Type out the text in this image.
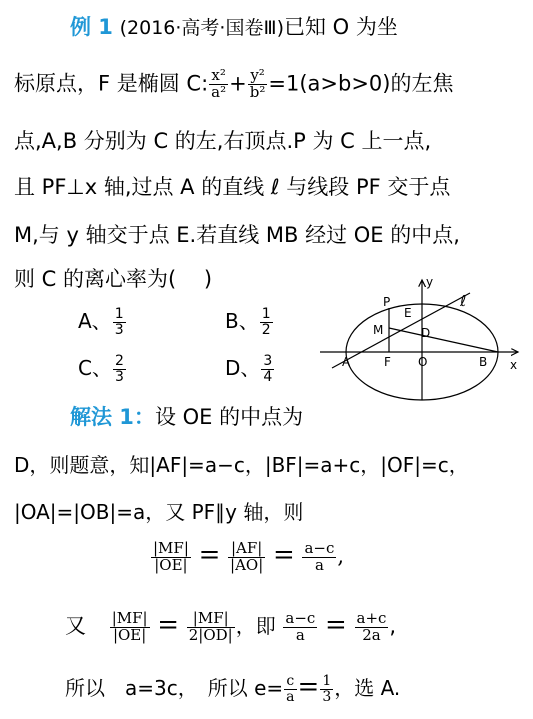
例 1 (2016·高考·国卷Ⅲ)已知 O 为坐
标原点，F 是椭圆 C: $\frac{\text{x²}}{\text{a²}} + \frac{\text{y²}}{\text{b²}} =1(a>b>0)$的左焦
点,A,B 分别为 C 的左,右顶点.P 为 C 上一点,
且 PF⊥x 轴,过点 A 的直线 ℓ 与线段 PF 交于点
M,与 y 轴交于点 E.若直线 MB 经过 OE 的中点,
则 C 的离心率为(　 )
A、 $\frac{1}{3}$	B、 $\frac{1}{2}$
C、 $\frac{2}{3}$	D、 $\frac{3}{4}$
y
x
ℓ
P
E
M	D
A	F O	B
解法 1：设 OE 的中点为
D，则题意，知|AF|=a−c，|BF|=a+c，|OF|=c，
|OA|=|OB|=a，又 PF∥y 轴，则
$\frac{|MF|}{|OE|} = \frac{|AF|}{|AO|} = \frac{a-c}{a}$ ,
又 $\frac{|MF|}{|OE|} = \frac{|MF|}{2|OD|}$ ，即 $\frac{a-c}{a} = \frac{a+c}{2a}$ ,
所以　a=3c，　所以 $e= \frac{c}{a} = \frac{1}{3}$ ，选 A.
